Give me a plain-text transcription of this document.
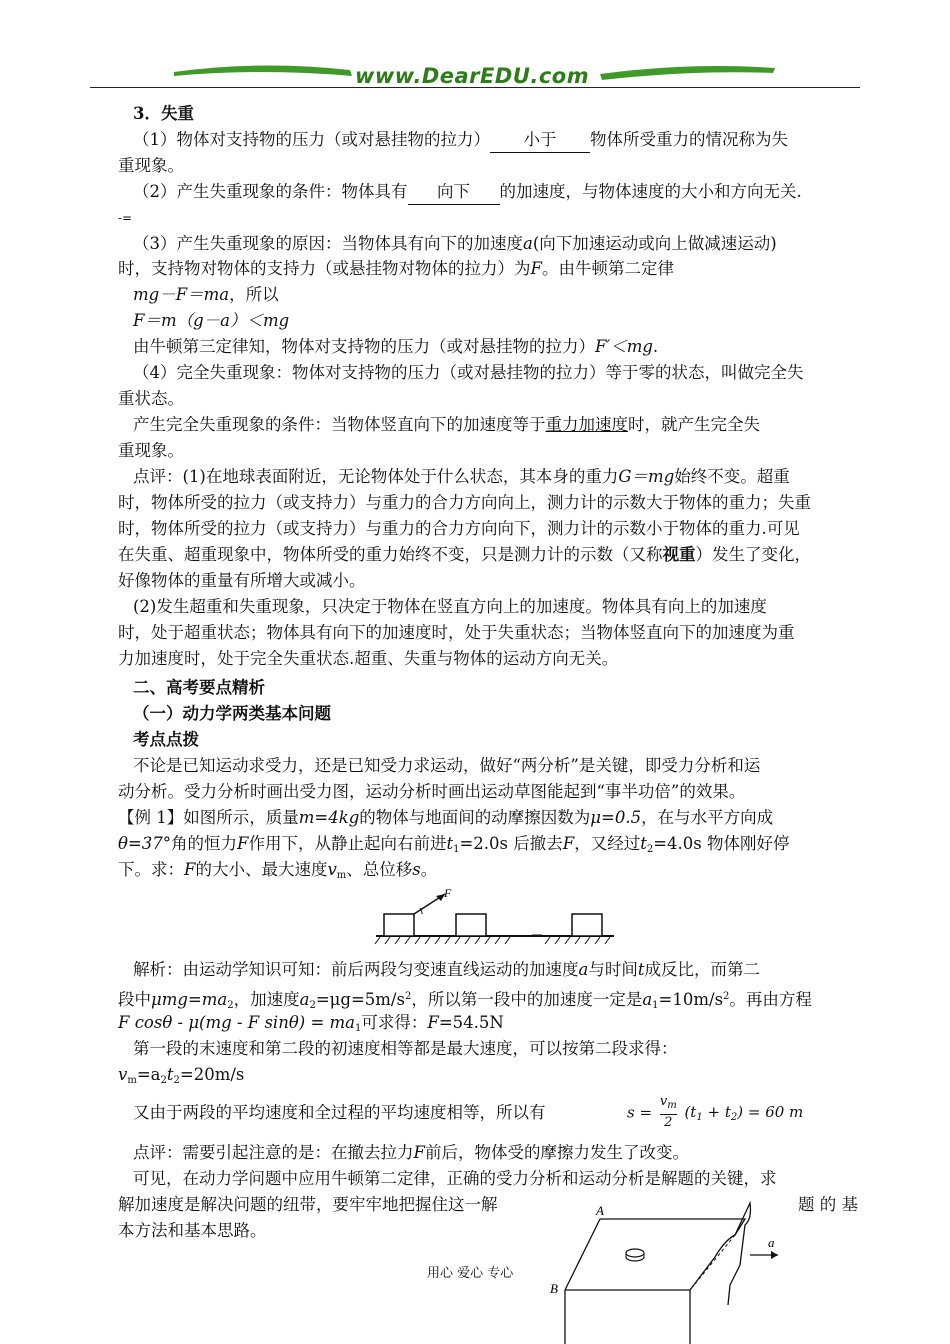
www.DearEDU.com
3．失重
（1）物体对支持物的压力（或对悬挂物的拉力） 小于 物体所受重力的情况称为失
重现象。
（2）产生失重现象的条件：物体具有 向下 的加速度，与物体速度的大小和方向无关.
-=
（3）产生失重现象的原因：当物体具有向下的加速度a(向下加速运动或向上做减速运动)
时，支持物对物体的支持力（或悬挂物对物体的拉力）为F。由牛顿第二定律
mg－F＝ma，所以
F＝m（g－a）＜mg
由牛顿第三定律知，物体对支持物的压力（或对悬挂物的拉力）F′＜mg.
（4）完全失重现象：物体对支持物的压力（或对悬挂物的拉力）等于零的状态，叫做完全失
重状态。
产生完全失重现象的条件：当物体竖直向下的加速度等于重力加速度时，就产生完全失
重现象。
点评：(1)在地球表面附近，无论物体处于什么状态，其本身的重力G＝mg始终不变。超重
时，物体所受的拉力（或支持力）与重力的合力方向向上，测力计的示数大于物体的重力；失重
时，物体所受的拉力（或支持力）与重力的合力方向向下，测力计的示数小于物体的重力.可见
在失重、超重现象中，物体所受的重力始终不变，只是测力计的示数（又称视重）发生了变化，
好像物体的重量有所增大或减小。
(2)发生超重和失重现象，只决定于物体在竖直方向上的加速度。物体具有向上的加速度
时，处于超重状态；物体具有向下的加速度时，处于失重状态；当物体竖直向下的加速度为重
力加速度时，处于完全失重状态.超重、失重与物体的运动方向无关。
二、高考要点精析
（一）动力学两类基本问题
考点点拨
不论是已知运动求受力，还是已知受力求运动，做好“两分析”是关键，即受力分析和运
动分析。受力分析时画出受力图，运动分析时画出运动草图能起到“事半功倍”的效果。
【例 1】如图所示，质量m=4kg的物体与地面间的动摩擦因数为μ=0.5，在与水平方向成
θ=37°角的恒力F作用下，从静止起向右前进$t_1=2.0s$ 后撤去F，又经过$t_2=4.0s$ 物体刚好停
下。求：F的大小、最大速度$v_m$、总位移s。
F
解析：由运动学知识可知：前后两段匀变速直线运动的加速度a与时间t成反比，而第二
段中$\mu mg=ma_2$，加速度$a_2=\mu g=5m/s^2$，所以第一段中的加速度一定是$a_1=10m/s^2$。再由方程
F cosθ - μ(mg - F $\sin\theta) = ma_1$可求得：F=54.5N
第一段的末速度和第二段的初速度相等都是最大速度，可以按第二段求得：
$v_m=a_2t_2=20m/s$
又由于两段的平均速度和全过程的平均速度相等，所以有	$s = \frac{v_m}{2} (t_1 + t_2) = 60$ m
点评：需要引起注意的是：在撤去拉力F前后，物体受的摩擦力发生了改变。
可见，在动力学问题中应用牛顿第二定律，正确的受力分析和运动分析是解题的关键，求
解加速度是解决问题的纽带，要牢牢地把握住这一解	题 的 基
本方法和基本思路。
A
B
a
用心 爱心 专心
